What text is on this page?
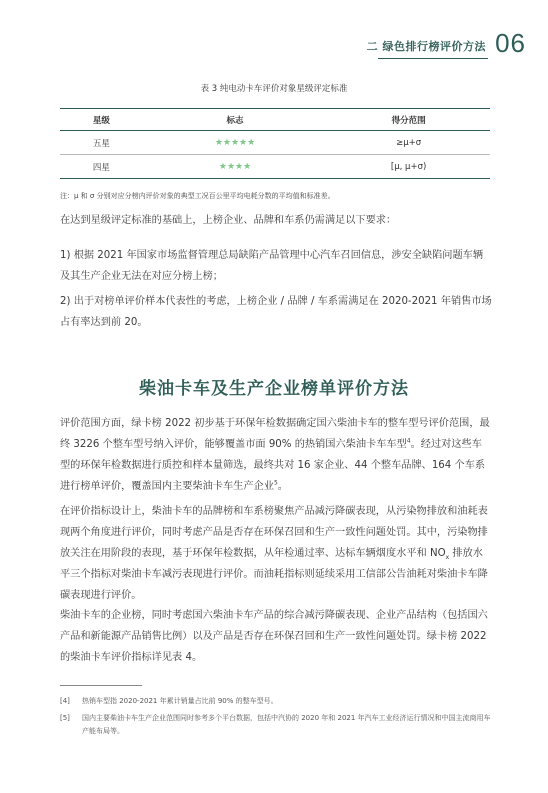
二 绿色排行榜评价方法 06
表 3 纯电动卡车评价对象星级评定标准
星级	标志	得分范围
五星	★★★★★	≥μ+σ
四星	★★★★	[μ, μ+σ)
注：μ 和 σ 分别对应分榜内评价对象的典型工况百公里平均电耗分数的平均值和标准差。

在达到星级评定标准的基础上，上榜企业、品牌和车系仍需满足以下要求：

1) 根据 2021 年国家市场监督管理总局缺陷产品管理中心汽车召回信息，涉安全缺陷问题车辆及其生产企业无法在对应分榜上榜；

2) 出于对榜单评价样本代表性的考虑，上榜企业 / 品牌 / 车系需满足在 2020-2021 年销售市场占有率达到前 20。

柴油卡车及生产企业榜单评价方法

评价范围方面，绿卡榜 2022 初步基于环保年检数据确定国六柴油卡车的整车型号评价范围，最终 3226 个整车型号纳入评价，能够覆盖市面 90% 的热销国六柴油卡车车型$^4$。经过对这些车型的环保年检数据进行质控和样本量筛选，最终共对 16 家企业、44 个整车品牌、164 个车系进行榜单评价，覆盖国内主要柴油卡车生产企业$^5$。

在评价指标设计上，柴油卡车的品牌榜和车系榜聚焦产品减污降碳表现，从污染物排放和油耗表现两个角度进行评价，同时考虑产品是否存在环保召回和生产一致性问题处罚。其中，污染物排放关注在用阶段的表现，基于环保年检数据，从年检通过率、达标车辆烟度水平和 $NO_x$ 排放水平三个指标对柴油卡车减污表现进行评价。而油耗指标则延续采用工信部公告油耗对柴油卡车降碳表现进行评价。

柴油卡车的企业榜，同时考虑国六柴油卡车产品的综合减污降碳表现、企业产品结构（包括国六产品和新能源产品销售比例）以及产品是否存在环保召回和生产一致性问题处罚。绿卡榜 2022 的柴油卡车评价指标详见表 4。

[4]	热销车型指 2020-2021 年累计销量占比前 90% 的整车型号。
[5]	国内主要柴油卡车生产企业范围同时参考多个平台数据，包括中汽协的 2020 年和 2021 年汽车工业经济运行情况和中国主流商用车产能布局等。
